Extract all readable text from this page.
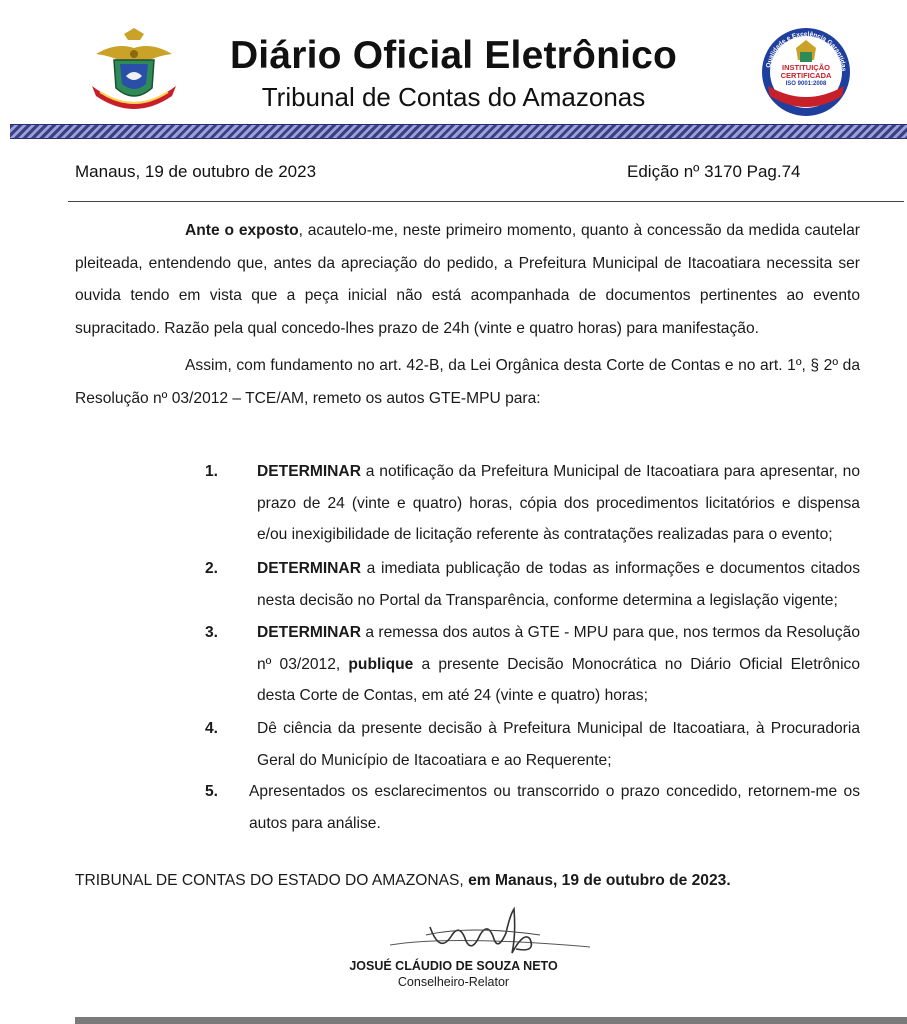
Diário Oficial Eletrônico
Tribunal de Contas do Amazonas
Qualidade e Excelência Garantidas
INSTITUIÇÃO
CERTIFICADA
ISO 9001:2008
Manaus, 19 de outubro de 2023	Edição nº 3170 Pag.74
Ante o exposto, acautelo-me, neste primeiro momento, quanto à concessão da medida cautelar pleiteada, entendendo que, antes da apreciação do pedido, a Prefeitura Municipal de Itacoatiara necessita ser ouvida tendo em vista que a peça inicial não está acompanhada de documentos pertinentes ao evento supracitado. Razão pela qual concedo-lhes prazo de 24h (vinte e quatro horas) para manifestação.
Assim, com fundamento no art. 42-B, da Lei Orgânica desta Corte de Contas e no art. 1º, § 2º da Resolução nº 03/2012 – TCE/AM, remeto os autos GTE-MPU para:
1. DETERMINAR a notificação da Prefeitura Municipal de Itacoatiara para apresentar, no prazo de 24 (vinte e quatro) horas, cópia dos procedimentos licitatórios e dispensa e/ou inexigibilidade de licitação referente às contratações realizadas para o evento;
2. DETERMINAR a imediata publicação de todas as informações e documentos citados nesta decisão no Portal da Transparência, conforme determina a legislação vigente;
3. DETERMINAR a remessa dos autos à GTE - MPU para que, nos termos da Resolução nº 03/2012, publique a presente Decisão Monocrática no Diário Oficial Eletrônico desta Corte de Contas, em até 24 (vinte e quatro) horas;
4. Dê ciência da presente decisão à Prefeitura Municipal de Itacoatiara, à Procuradoria Geral do Município de Itacoatiara e ao Requerente;
5. Apresentados os esclarecimentos ou transcorrido o prazo concedido, retornem-me os autos para análise.
TRIBUNAL DE CONTAS DO ESTADO DO AMAZONAS, em Manaus, 19 de outubro de 2023.
JOSUÉ CLÁUDIO DE SOUZA NETO
Conselheiro-Relator
